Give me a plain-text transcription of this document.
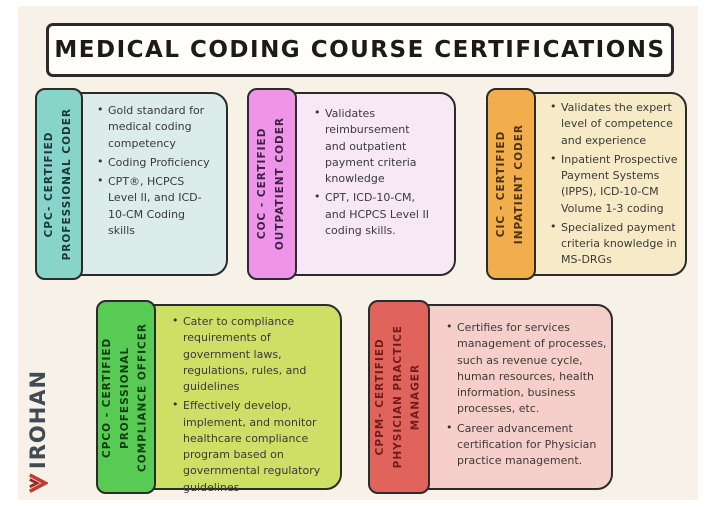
MEDICAL CODING COURSE CERTIFICATIONS
CPC- CERTIFIED PROFESSIONAL CODER	• Gold standard for medical coding competency
• Coding Proficiency
• CPT®, HCPCS Level II, and ICD-10-CM Coding skills	COC - CERTIFIED OUTPATIENT CODER
• Validates reimbursement and outpatient payment criteria knowledge
• CPT, ICD-10-CM, and HCPCS Level II coding skills.	CIC - CERTIFIED INPATIENT CODER
• Validates the expert level of competence and experience
• Inpatient Prospective Payment Systems (IPPS), ICD-10-CM Volume 1-3 coding
• Specialized payment criteria knowledge in MS-DRGs
CPCO - CERTIFIED PROFESSIONAL COMPLIANCE OFFICER
• Cater to compliance requirements of government laws, regulations, rules, and guidelines
• Effectively develop, implement, and monitor healthcare compliance program based on governmental regulatory guidelines
CPPM- CERTIFIED PHYSICIAN PRACTICE MANAGER
• Certifies for services management of processes, such as revenue cycle, human resources, health information, business processes, etc.
• Career advancement certification for Physician practice management.
IROHAN
